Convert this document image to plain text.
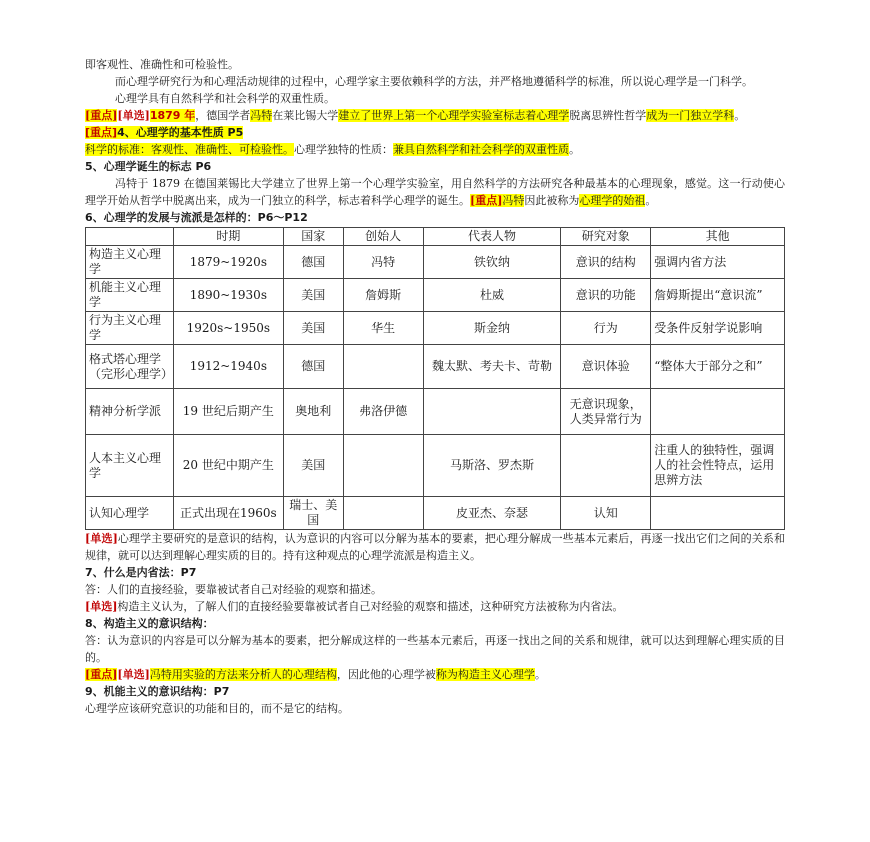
即客观性、准确性和可检验性。

而心理学研究行为和心理活动规律的过程中，心理学家主要依赖科学的方法，并严格地遵循科学的标准，所以说心理学是一门科学。

心理学具有自然科学和社会科学的双重性质。

[重点][单选]1879 年，德国学者冯特在莱比锡大学建立了世界上第一个心理学实验室标志着心理学脱离思辨性哲学成为一门独立学科。

[重点]4、心理学的基本性质 P5

科学的标准：客观性、准确性、可检验性。心理学独特的性质：兼具自然科学和社会科学的双重性质。

5、心理学诞生的标志 P6

冯特于 1879 在德国莱锡比大学建立了世界上第一个心理学实验室，用自然科学的方法研究各种最基本的心理现象，感觉。这一行动使心理学开始从哲学中脱离出来，成为一门独立的科学，标志着科学心理学的诞生。[重点]冯特因此被称为心理学的始祖。

6、心理学的发展与流派是怎样的：P6～P12

	时期	国家	创始人	代表人物	研究对象	其他
构造主义心理学	1879~1920s	德国	冯特	铁钦纳	意识的结构	强调内省方法
机能主义心理学	1890~1930s	美国	詹姆斯	杜威	意识的功能	詹姆斯提出“意识流”
行为主义心理学	1920s~1950s	美国	华生	斯金纳	行为	受条件反射学说影响
格式塔心理学（完形心理学）	1912~1940s	德国		魏太默、考夫卡、苛勒	意识体验	“整体大于部分之和”
精神分析学派	19 世纪后期产生	奥地利	弗洛伊德		无意识现象，人类异常行为	
人本主义心理学	20 世纪中期产生	美国		马斯洛、罗杰斯		注重人的独特性，强调人的社会性特点，运用思辨方法
认知心理学	正式出现在1960s	瑞士、美国		皮亚杰、奈瑟	认知	

[单选]心理学主要研究的是意识的结构，认为意识的内容可以分解为基本的要素，把心理分解成一些基本元素后，再逐一找出它们之间的关系和规律，就可以达到理解心理实质的目的。持有这种观点的心理学流派是构造主义。

7、什么是内省法：P7

答：人们的直接经验，要靠被试者自己对经验的观察和描述。

[单选]构造主义认为，了解人们的直接经验要靠被试者自己对经验的观察和描述，这种研究方法被称为内省法。

8、构造主义的意识结构：

答：认为意识的内容是可以分解为基本的要素，把分解成这样的一些基本元素后，再逐一找出之间的关系和规律，就可以达到理解心理实质的目的。

[重点][单选]冯特用实验的方法来分析人的心理结构，因此他的心理学被称为构造主义心理学。

9、机能主义的意识结构：P7

心理学应该研究意识的功能和目的，而不是它的结构。
